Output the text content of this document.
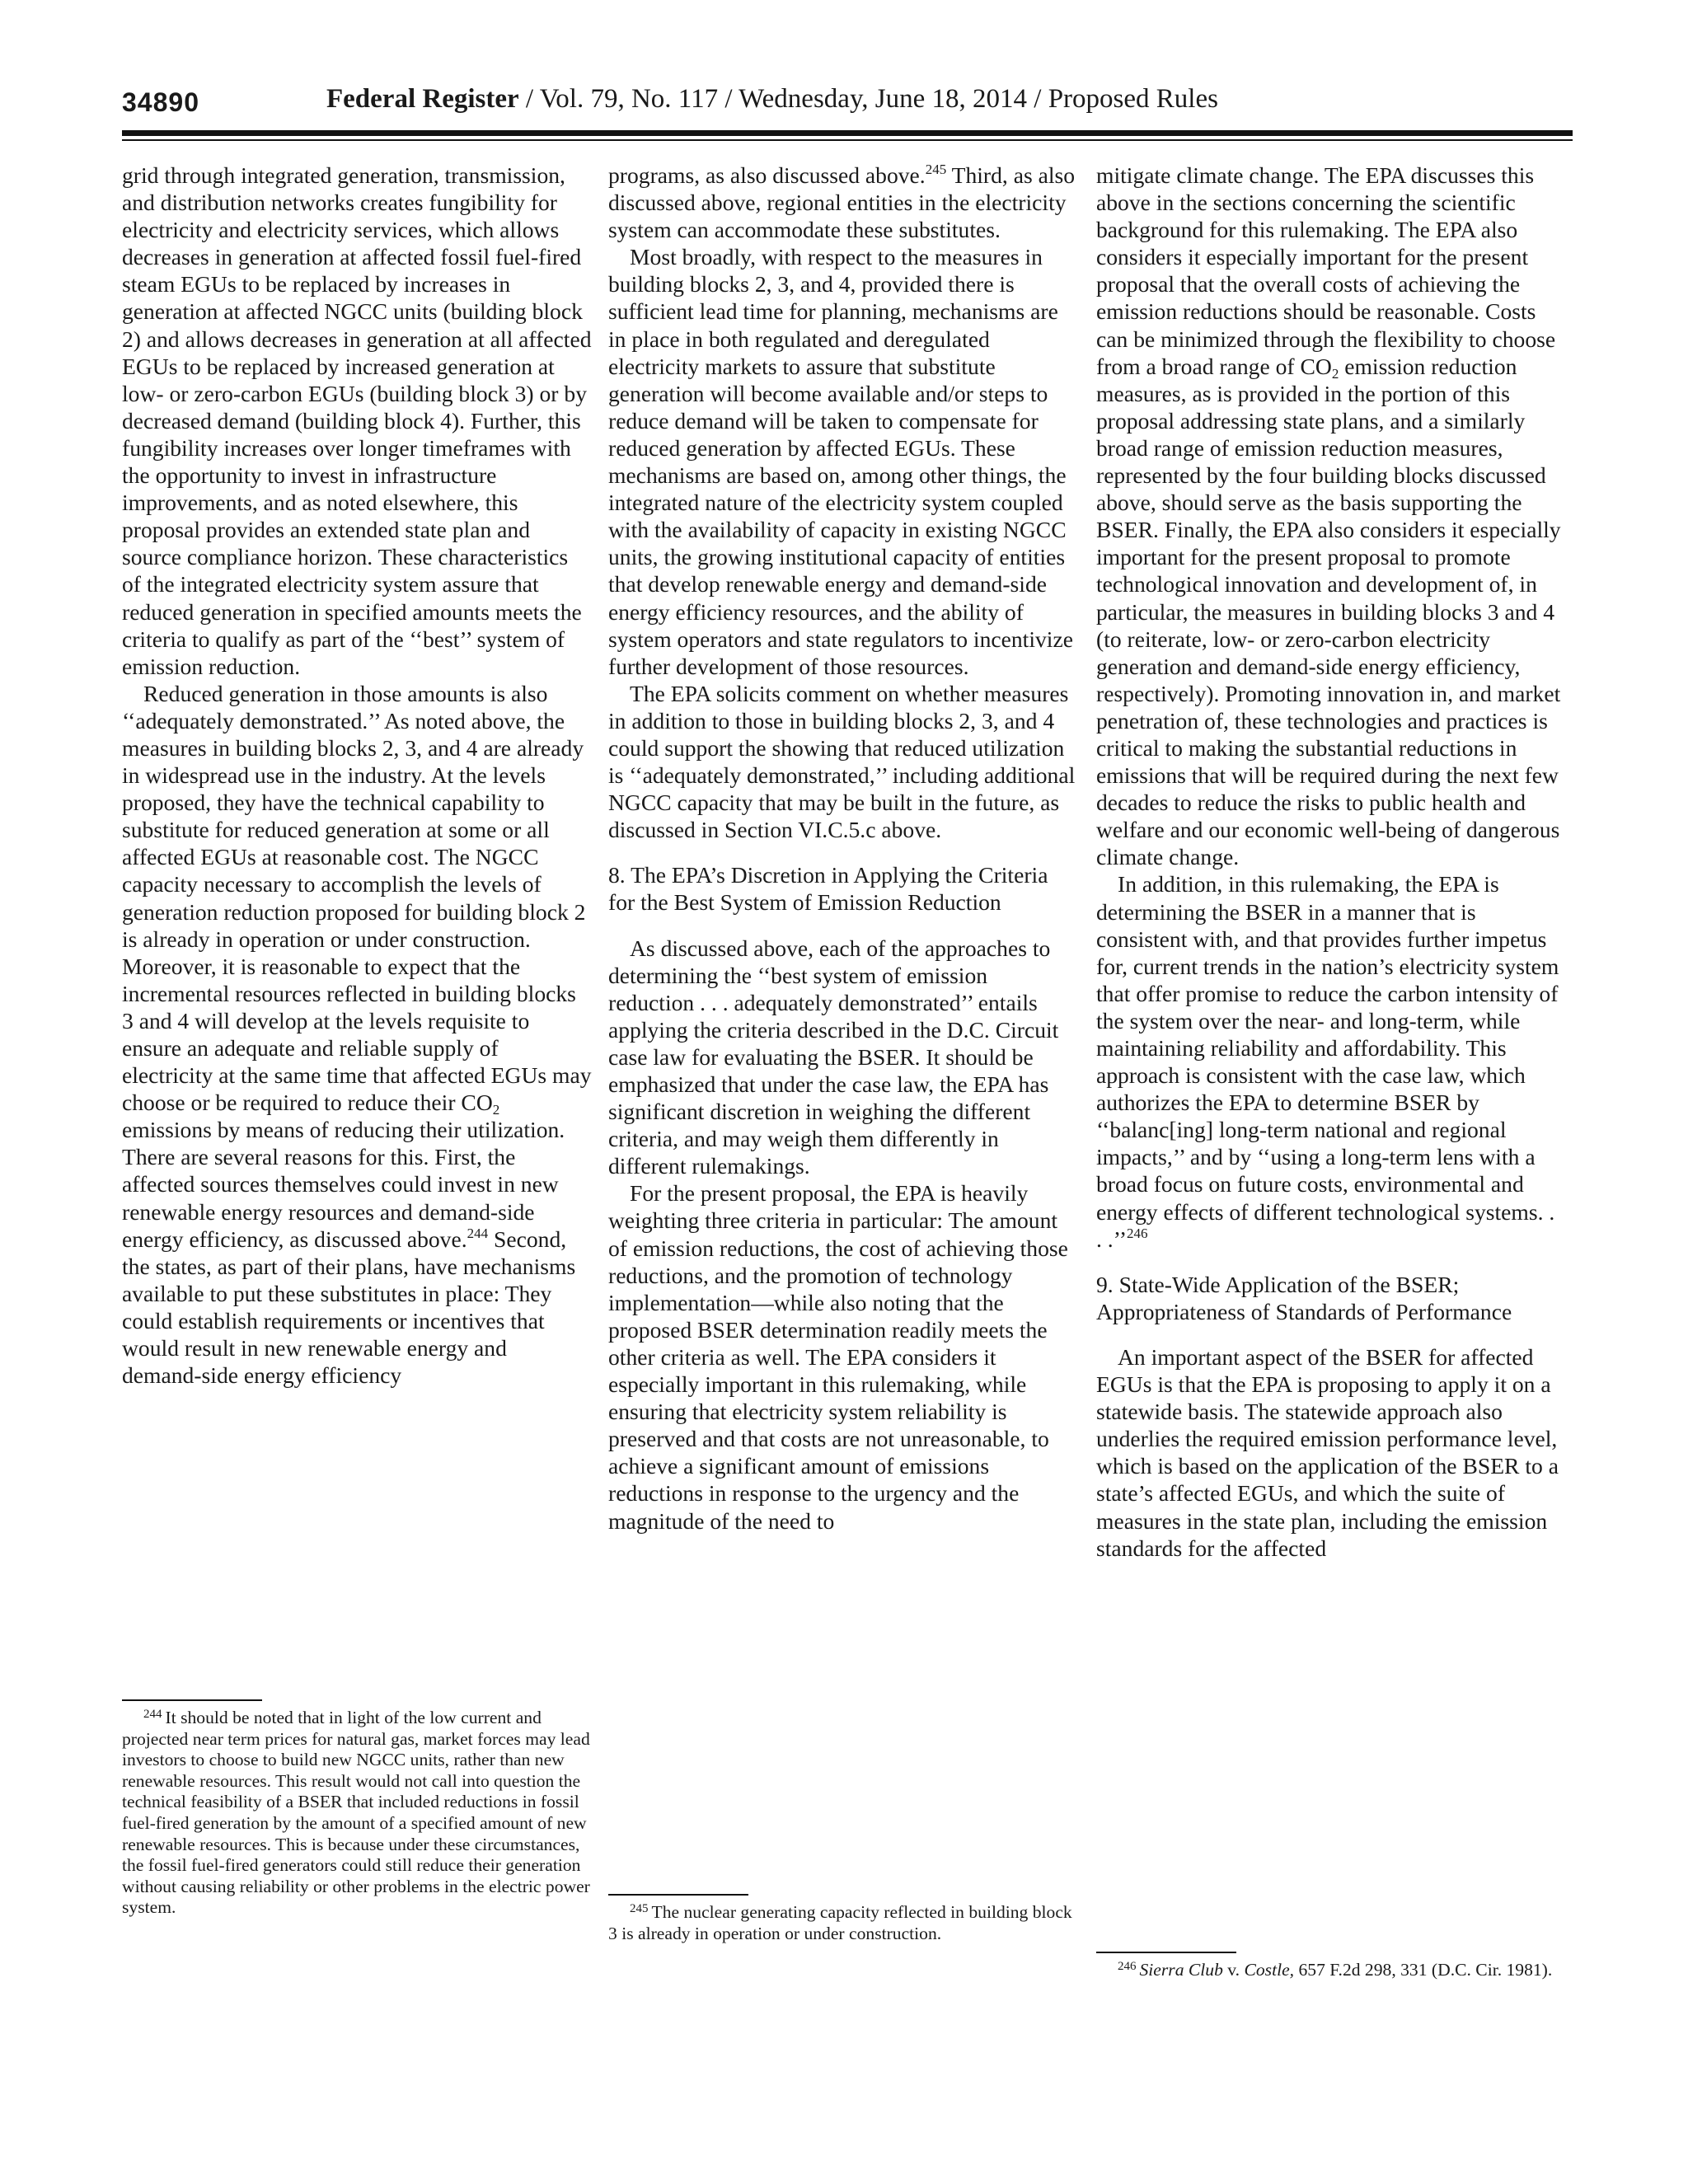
34890	Federal Register / Vol. 79, No. 117 / Wednesday, June 18, 2014 / Proposed Rules

grid through integrated generation, transmission, and distribution networks creates fungibility for electricity and electricity services, which allows decreases in generation at affected fossil fuel-fired steam EGUs to be replaced by increases in generation at affected NGCC units (building block 2) and allows decreases in generation at all affected EGUs to be replaced by increased generation at low- or zero-carbon EGUs (building block 3) or by decreased demand (building block 4). Further, this fungibility increases over longer timeframes with the opportunity to invest in infrastructure improvements, and as noted elsewhere, this proposal provides an extended state plan and source compliance horizon. These characteristics of the integrated electricity system assure that reduced generation in specified amounts meets the criteria to qualify as part of the ‘‘best’’ system of emission reduction.

Reduced generation in those amounts is also ‘‘adequately demonstrated.’’ As noted above, the measures in building blocks 2, 3, and 4 are already in widespread use in the industry. At the levels proposed, they have the technical capability to substitute for reduced generation at some or all affected EGUs at reasonable cost. The NGCC capacity necessary to accomplish the levels of generation reduction proposed for building block 2 is already in operation or under construction. Moreover, it is reasonable to expect that the incremental resources reflected in building blocks 3 and 4 will develop at the levels requisite to ensure an adequate and reliable supply of electricity at the same time that affected EGUs may choose or be required to reduce their $CO_2$ emissions by means of reducing their utilization. There are several reasons for this. First, the affected sources themselves could invest in new renewable energy resources and demand-side energy efficiency, as discussed above.$^{244}$ Second, the states, as part of their plans, have mechanisms available to put these substitutes in place: They could establish requirements or incentives that would result in new renewable energy and demand-side energy efficiency

programs, as also discussed above.$^{245}$ Third, as also discussed above, regional entities in the electricity system can accommodate these substitutes.

Most broadly, with respect to the measures in building blocks 2, 3, and 4, provided there is sufficient lead time for planning, mechanisms are in place in both regulated and deregulated electricity markets to assure that substitute generation will become available and/or steps to reduce demand will be taken to compensate for reduced generation by affected EGUs. These mechanisms are based on, among other things, the integrated nature of the electricity system coupled with the availability of capacity in existing NGCC units, the growing institutional capacity of entities that develop renewable energy and demand-side energy efficiency resources, and the ability of system operators and state regulators to incentivize further development of those resources.

The EPA solicits comment on whether measures in addition to those in building blocks 2, 3, and 4 could support the showing that reduced utilization is ‘‘adequately demonstrated,’’ including additional NGCC capacity that may be built in the future, as discussed in Section VI.C.5.c above.

8. The EPA’s Discretion in Applying the Criteria for the Best System of Emission Reduction

As discussed above, each of the approaches to determining the ‘‘best system of emission reduction . . . adequately demonstrated’’ entails applying the criteria described in the D.C. Circuit case law for evaluating the BSER. It should be emphasized that under the case law, the EPA has significant discretion in weighing the different criteria, and may weigh them differently in different rulemakings.

For the present proposal, the EPA is heavily weighting three criteria in particular: The amount of emission reductions, the cost of achieving those reductions, and the promotion of technology implementation—while also noting that the proposed BSER determination readily meets the other criteria as well. The EPA considers it especially important in this rulemaking, while ensuring that electricity system reliability is preserved and that costs are not unreasonable, to achieve a significant amount of emissions reductions in response to the urgency and the magnitude of the need to

mitigate climate change. The EPA discusses this above in the sections concerning the scientific background for this rulemaking. The EPA also considers it especially important for the present proposal that the overall costs of achieving the emission reductions should be reasonable. Costs can be minimized through the flexibility to choose from a broad range of $CO_2$ emission reduction measures, as is provided in the portion of this proposal addressing state plans, and a similarly broad range of emission reduction measures, represented by the four building blocks discussed above, should serve as the basis supporting the BSER. Finally, the EPA also considers it especially important for the present proposal to promote technological innovation and development of, in particular, the measures in building blocks 3 and 4 (to reiterate, low- or zero-carbon electricity generation and demand-side energy efficiency, respectively). Promoting innovation in, and market penetration of, these technologies and practices is critical to making the substantial reductions in emissions that will be required during the next few decades to reduce the risks to public health and welfare and our economic well-being of dangerous climate change.

In addition, in this rulemaking, the EPA is determining the BSER in a manner that is consistent with, and that provides further impetus for, current trends in the nation’s electricity system that offer promise to reduce the carbon intensity of the system over the near- and long-term, while maintaining reliability and affordability. This approach is consistent with the case law, which authorizes the EPA to determine BSER by ‘‘balanc[ing] long-term national and regional impacts,’’ and by ‘‘using a long-term lens with a broad focus on future costs, environmental and energy effects of different technological systems. . . .’’$^{246}$

9. State-Wide Application of the BSER; Appropriateness of Standards of Performance

An important aspect of the BSER for affected EGUs is that the EPA is proposing to apply it on a statewide basis. The statewide approach also underlies the required emission performance level, which is based on the application of the BSER to a state’s affected EGUs, and which the suite of measures in the state plan, including the emission standards for the affected

$^{244}$ It should be noted that in light of the low current and projected near term prices for natural gas, market forces may lead investors to choose to build new NGCC units, rather than new renewable resources. This result would not call into question the technical feasibility of a BSER that included reductions in fossil fuel-fired generation by the amount of a specified amount of new renewable resources. This is because under these circumstances, the fossil fuel-fired generators could still reduce their generation without causing reliability or other problems in the electric power system.	$^{245}$ The nuclear generating capacity reflected in building block 3 is already in operation or under construction.

$^{246}$ Sierra Club v. Costle, 657 F.2d 298, 331 (D.C. Cir. 1981).
